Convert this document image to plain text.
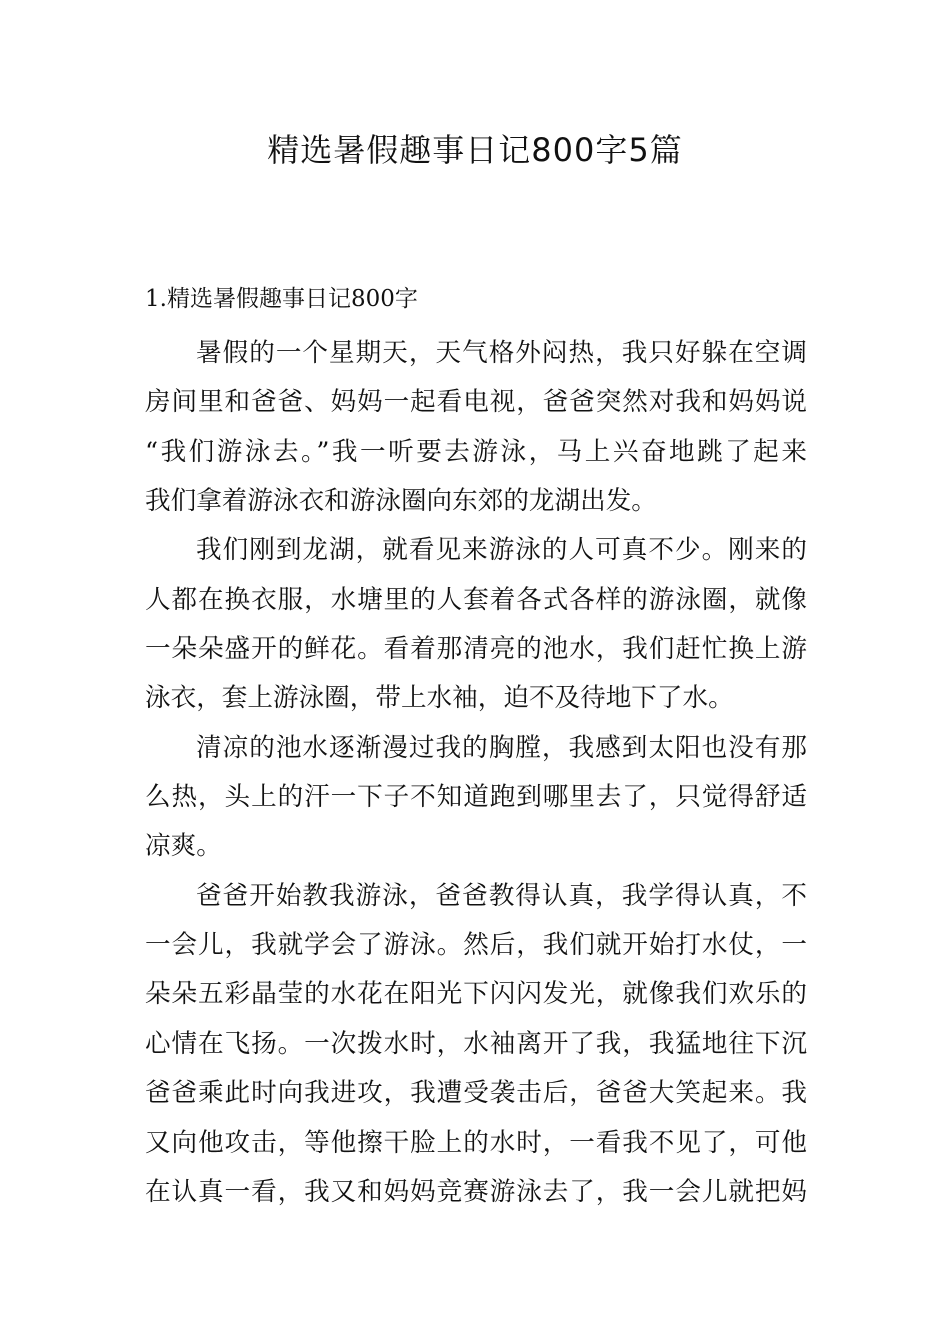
精选暑假趣事日记800字5篇
1.精选暑假趣事日记800字
暑假的一个星期天，天气格外闷热，我只好躲在空调
房间里和爸爸、妈妈一起看电视，爸爸突然对我和妈妈说
“我们游泳去。”我一听要去游泳，马上兴奋地跳了起来
我们拿着游泳衣和游泳圈向东郊的龙湖出发。
我们刚到龙湖，就看见来游泳的人可真不少。刚来的
人都在换衣服，水塘里的人套着各式各样的游泳圈，就像
一朵朵盛开的鲜花。看着那清亮的池水，我们赶忙换上游
泳衣，套上游泳圈，带上水袖，迫不及待地下了水。
清凉的池水逐渐漫过我的胸膛，我感到太阳也没有那
么热，头上的汗一下子不知道跑到哪里去了，只觉得舒适
凉爽。
爸爸开始教我游泳，爸爸教得认真，我学得认真，不
一会儿，我就学会了游泳。然后，我们就开始打水仗，一
朵朵五彩晶莹的水花在阳光下闪闪发光，就像我们欢乐的
心情在飞扬。一次拨水时，水袖离开了我，我猛地往下沉
爸爸乘此时向我进攻，我遭受袭击后，爸爸大笑起来。我
又向他攻击，等他擦干脸上的水时，一看我不见了，可他
在认真一看，我又和妈妈竞赛游泳去了，我一会儿就把妈
